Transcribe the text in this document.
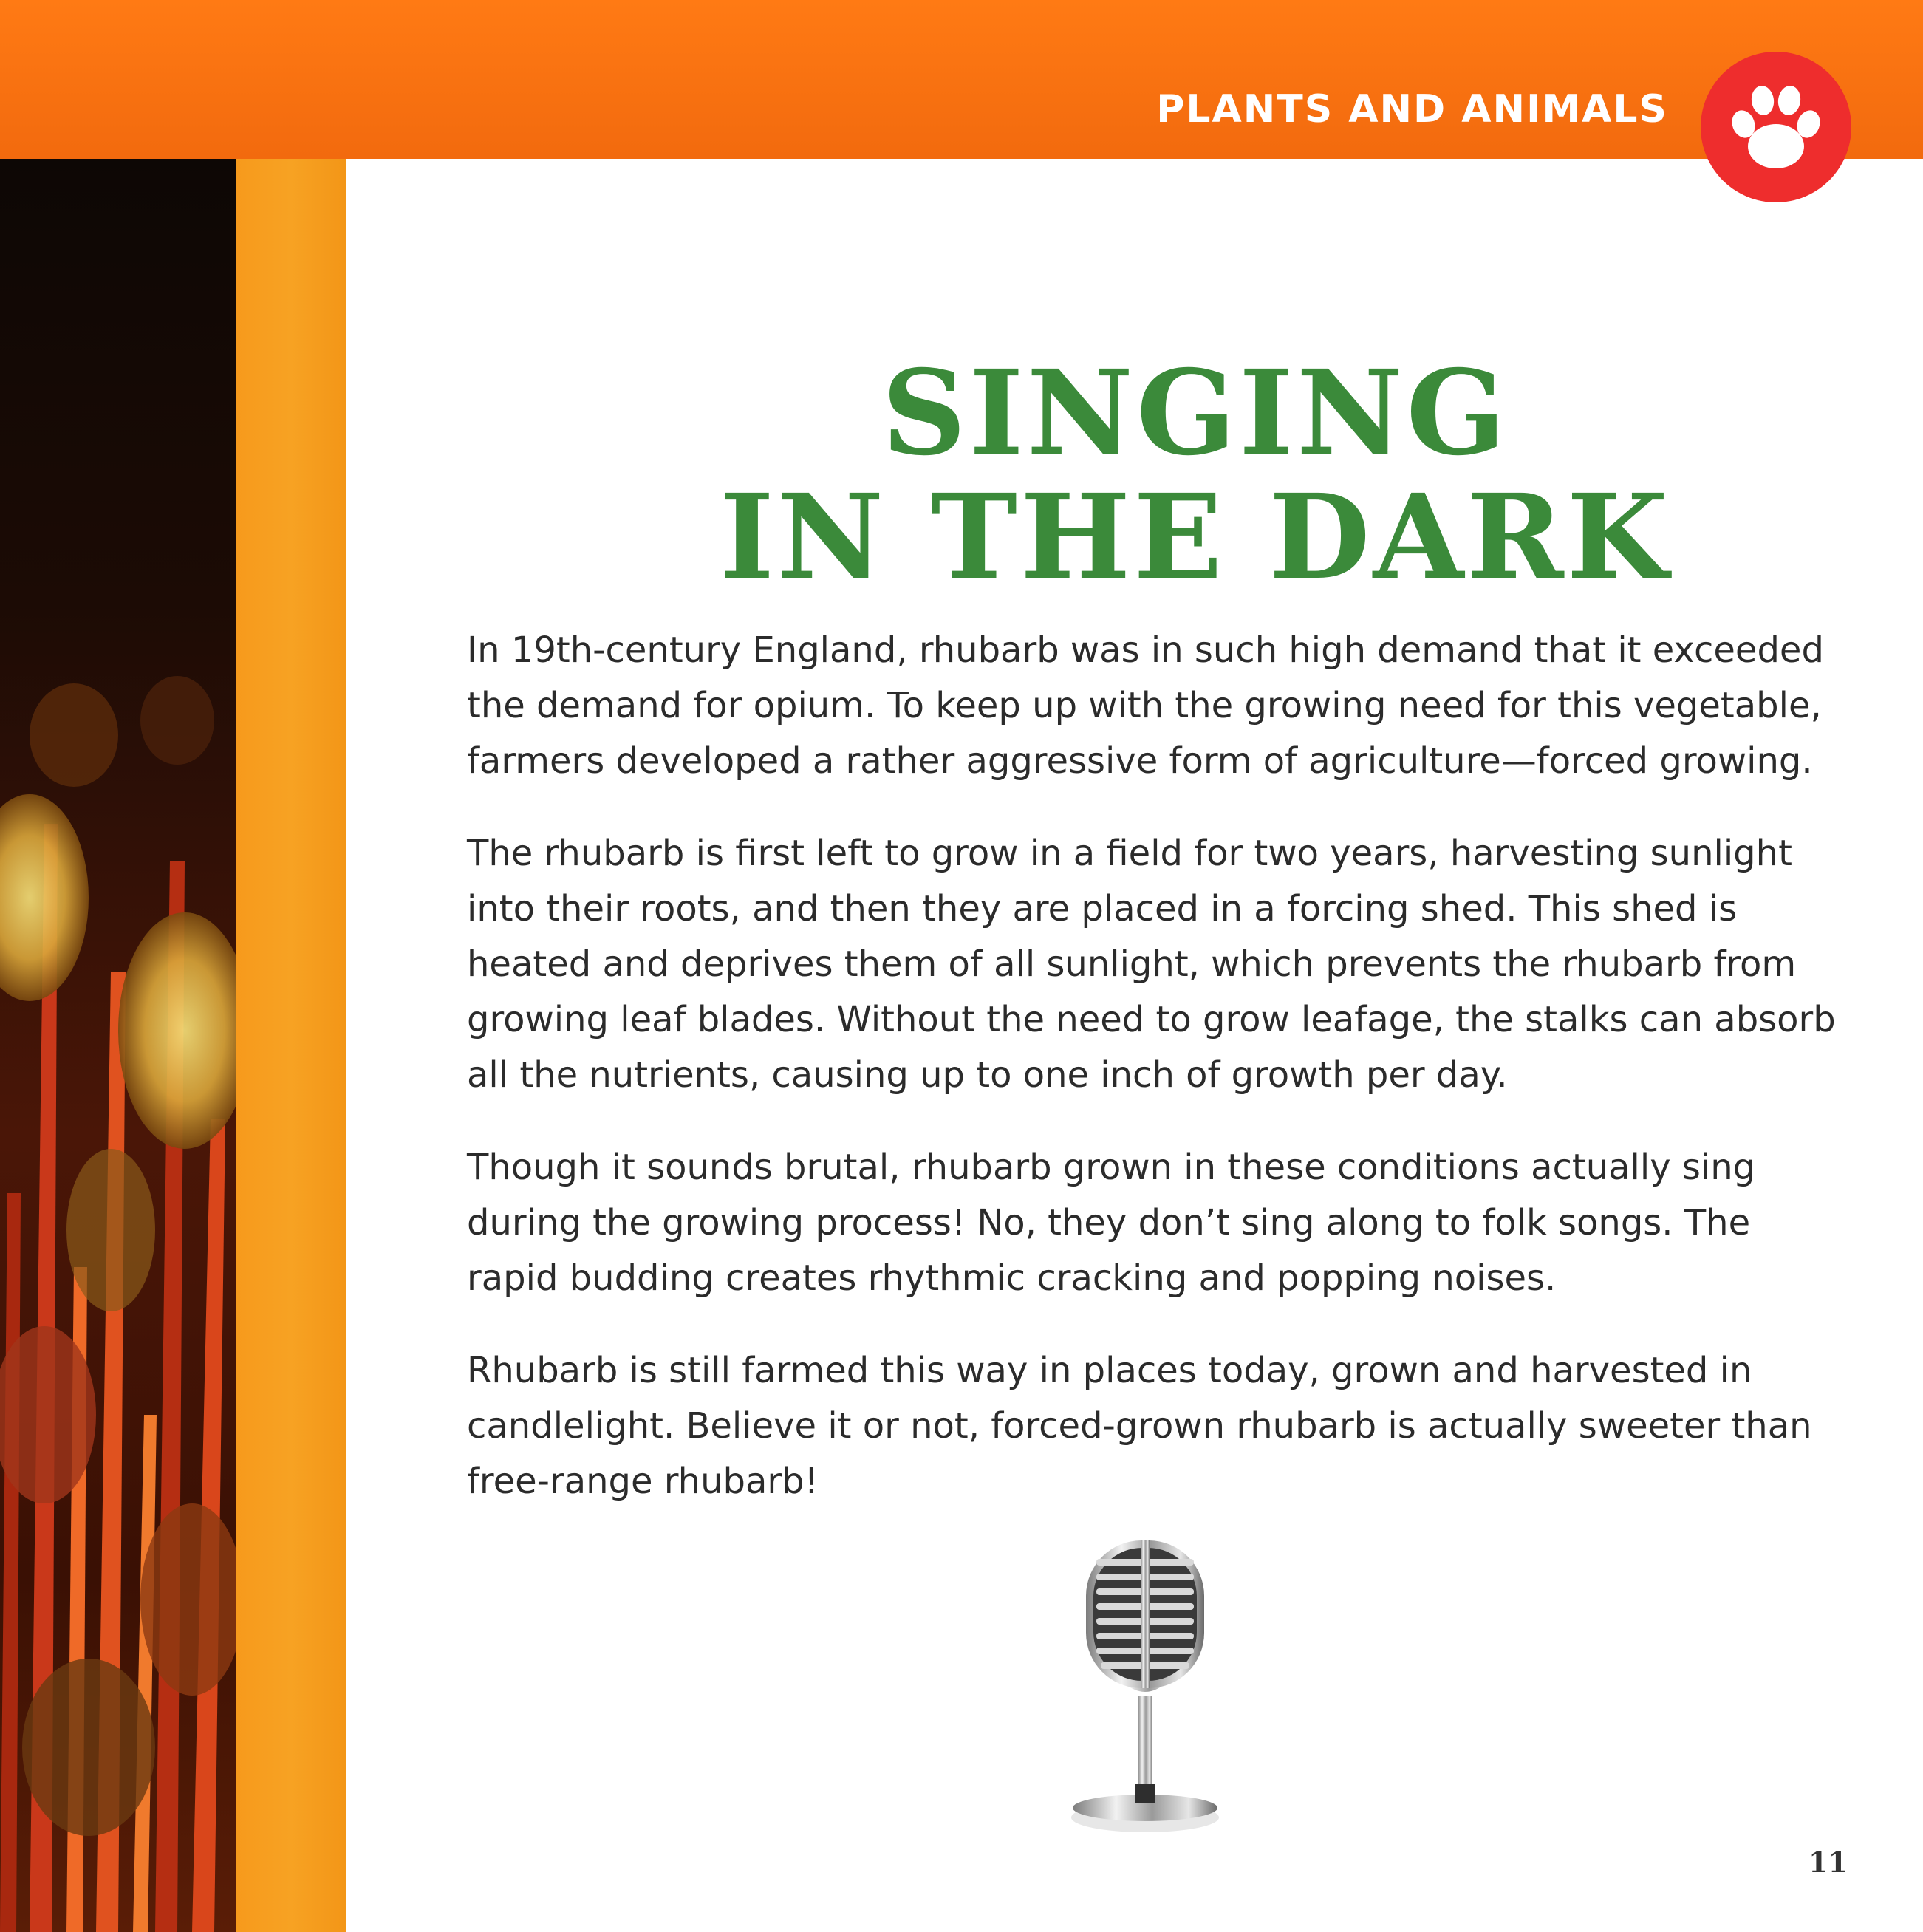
PLANTS AND ANIMALS
SINGING
IN THE DARK

In 19th-century England, rhubarb was in such high demand that it exceeded the demand for opium. To keep up with the growing need for this vegetable, farmers developed a rather aggressive form of agriculture—forced growing.

The rhubarb is first left to grow in a field for two years, harvesting sunlight into their roots, and then they are placed in a forcing shed. This shed is heated and deprives them of all sunlight, which prevents the rhubarb from growing leaf blades. Without the need to grow leafage, the stalks can absorb all the nutrients, causing up to one inch of growth per day.

Though it sounds brutal, rhubarb grown in these conditions actually sing during the growing process! No, they don’t sing along to folk songs. The rapid budding creates rhythmic cracking and popping noises.

Rhubarb is still farmed this way in places today, grown and harvested in candlelight. Believe it or not, forced-grown rhubarb is actually sweeter than free-range rhubarb!

11
